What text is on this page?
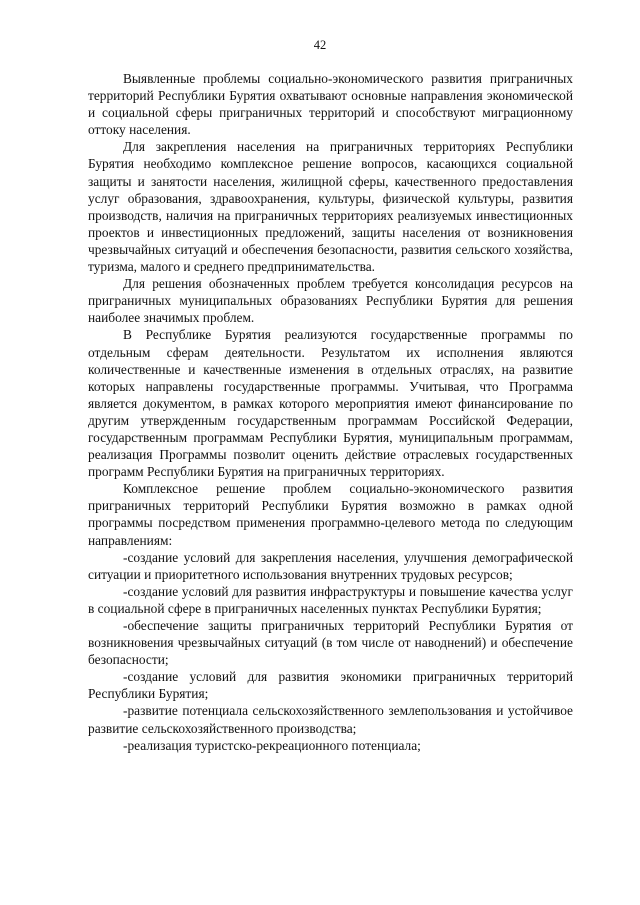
42

Выявленные проблемы социально-экономического развития приграничных территорий Республики Бурятия охватывают основные направления экономической и социальной сферы приграничных территорий и способствуют миграционному оттоку населения.

Для закрепления населения на приграничных территориях Республики Бурятия необходимо комплексное решение вопросов, касающихся социальной защиты и занятости населения, жилищной сферы, качественного предоставления услуг образования, здравоохранения, культуры, физической культуры, развития производств, наличия на приграничных территориях реализуемых инвестиционных проектов и инвестиционных предложений, защиты населения от возникновения чрезвычайных ситуаций и обеспечения безопасности, развития сельского хозяйства, туризма, малого и среднего предпринимательства.

Для решения обозначенных проблем требуется консолидация ресурсов на приграничных муниципальных образованиях Республики Бурятия для решения наиболее значимых проблем.

В Республике Бурятия реализуются государственные программы по отдельным сферам деятельности. Результатом их исполнения являются количественные и качественные изменения в отдельных отраслях, на развитие которых направлены государственные программы. Учитывая, что Программа является документом, в рамках которого мероприятия имеют финансирование по другим утвержденным государственным программам Российской Федерации, государственным программам Республики Бурятия, муниципальным программам, реализация Программы позволит оценить действие отраслевых государственных программ Республики Бурятия на приграничных территориях.

Комплексное решение проблем социально-экономического развития приграничных территорий Республики Бурятия возможно в рамках одной программы посредством применения программно-целевого метода по следующим направлениям:

-создание условий для закрепления населения, улучшения демографической ситуации и приоритетного использования внутренних трудовых ресурсов;

-создание условий для развития инфраструктуры и повышение качества услуг в социальной сфере в приграничных населенных пунктах Республики Бурятия;

-обеспечение защиты приграничных территорий Республики Бурятия от возникновения чрезвычайных ситуаций (в том числе от наводнений) и обеспечение безопасности;

-создание условий для развития экономики приграничных территорий Республики Бурятия;

-развитие потенциала сельскохозяйственного землепользования и устойчивое развитие сельскохозяйственного производства;

-реализация туристско-рекреационного потенциала;
